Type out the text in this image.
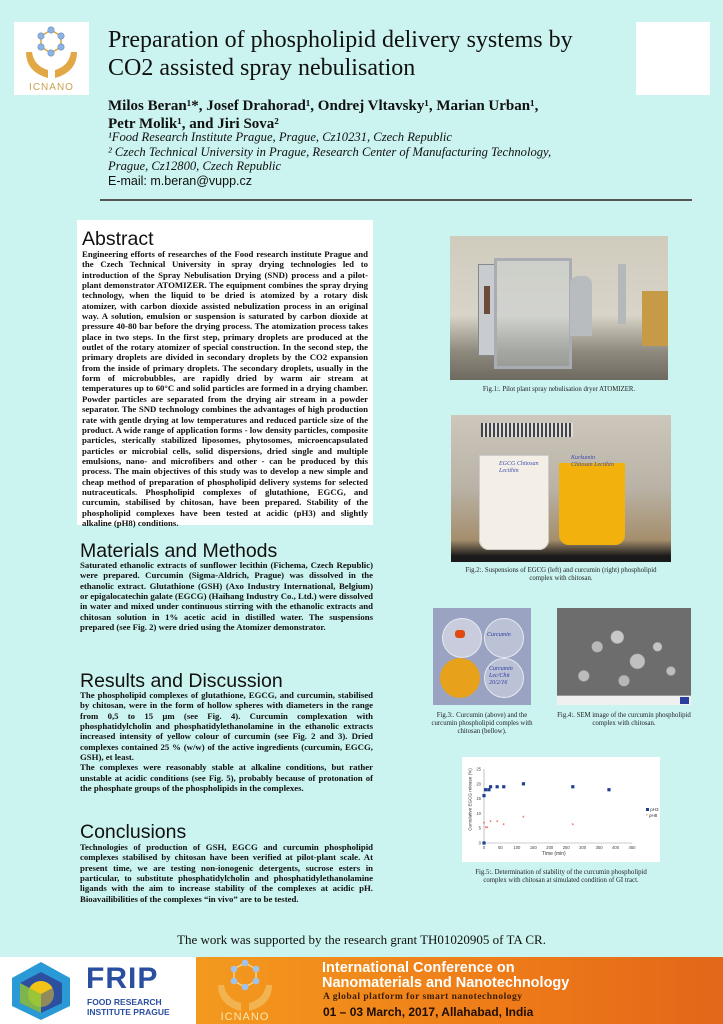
ICNANO
Preparation of phospholipid delivery systems by
CO2 assisted spray nebulisation
Milos Beran¹*, Josef Drahorad¹, Ondrej Vltavsky¹, Marian Urban¹,
Petr Molik¹, and Jiri Sova²
¹Food Research Institute Prague, Prague, Cz10231, Czech Republic
² Czech Technical University in Prague, Research Center of Manufacturing Technology,
Prague, Cz12800, Czech Republic
E-mail: m.beran@vupp.cz
Abstract
Engineering efforts of researches of the Food research institute Prague and the Czech Technical University in spray drying technologies led to introduction of the Spray Nebulisation Drying (SND) process and a pilot-plant demonstrator ATOMIZER. The equipment combines the spray drying technology, when the liquid to be dried is atomized by a rotary disk atomizer, with carbon dioxide assisted nebulization process in an original way. A solution, emulsion or suspension is saturated by carbon dioxide at pressure 40-80 bar before the drying process. The atomization process takes place in two steps. In the first step, primary droplets are produced at the outlet of the rotary atomizer of special construction. In the second step, the primary droplets are divided in secondary droplets by the CO2 expansion from the inside of primary droplets. The secondary droplets, usually in the form of microbubbles, are rapidly dried by warm air stream at temperatures up to 60°C and solid particles are formed in a drying chamber. Powder particles are separated from the drying air stream in a powder separator. The SND technology combines the advantages of high production rate with gentle drying at low temperatures and reduced particle size of the product. A wide range of application forms - low density particles, composite particles, sterically stabilized liposomes, phytosomes, microencapsulated particles or microbial cells, solid dispersions, dried single and multiple emulsions, nano- and microfibers and other - can be produced by this process. The main objectives of this study was to develop a new simple and cheap method of preparation of phospholipid delivery systems for selected nutraceuticals. Phospholipid complexes of glutathione, EGCG, and curcumin, stabilised by chitosan, have been prepared. Stability of the phospholipid complexes have been tested at acidic (pH3) and slightly alkaline (pH8) conditions.
Materials and Methods
Saturated ethanolic extracts of sunflower lecithin (Fichema, Czech Republic) were prepared. Curcumin (Sigma-Aldrich, Prague) was dissolved in the ethanolic extract. Glutathione (GSH) (Axo Industry International, Belgium) or epigalocatechin galate (EGCG) (Haihang Industry Co., Ltd.) were dissolved in water and mixed under continuous stirring with the ethanolic extracts and chitosan solution in 1% acetic acid in distilled water. The suspensions prepared (see Fig. 2) were dried using the Atomizer demonstrator.
Results and Discussion
The phospholipid complexes of glutathione, EGCG, and curcumin, stabilised by chitosan, were in the form of hollow spheres with diameters in the range from 0,5 to 15 µm (see Fig. 4). Curcumin complexation with phosphatidylcholin and phosphatidylethanolamine in the ethanolic extracts increased intensity of yellow colour of curcumin (see Fig. 2 and 3). Dried complexes contained 25 % (w/w) of the active ingredients (curcumin, EGCG, GSH), et least.
The complexes were reasonably stable at alkaline conditions, but rather unstable at acidic conditions (see Fig. 5), probably because of protonation of the phosphate groups of the phospholipids in the complexes.
Conclusions
Technologies of production of GSH, EGCG and curcumin phospholipid complexes stabilised by chitosan have been verified at pilot-plant scale. At present time, we are testing non-ionogenic detergents, sucrose esters in particular, to substitute phosphatidylcholin and phosphatidylethanolamine ligands with the aim to increase stability of the complexes at acidic pH. Bioavailibilities of the complexes “in vivo” are to be tested.
Fig.1:. Pilot plant spray nebulisation dryer ATOMIZER.
EGCG Chitosan Lecithin
Kurkumin Chitosan Lecithin
Fig.2:. Suspensions of EGCG (left) and curcumin (right) phospholipid complex with chitosan.
Curcumin
Curcumin Lec/Chit 20/2/16
Fig.3:. Curcumin (above) and the curcumin phospholipid comples with chitosan (bellow).
Fig.4:. SEM image of the curcumin phospholipid complex with chitosan.
0	50	100 150 200 250 300 350 400 450
0
5
10
15
20
25
*
* *
* * *
*
*
Cumulative EGCG release (%)
Time (min)
pH3
* pH8
Fig.5:. Determination of stability of the curcumin phospholipid complex with chitosan at simulated condition of GI tract.
The work was supported by the research grant TH01020905 of TA CR.
FRIP
FOOD RESEARCH
INSTITUTE PRAGUE	ICNANO
International Conference on
Nanomaterials and Nanotechnology
A global platform for smart nanotechnology
01 – 03 March, 2017, Allahabad, India
